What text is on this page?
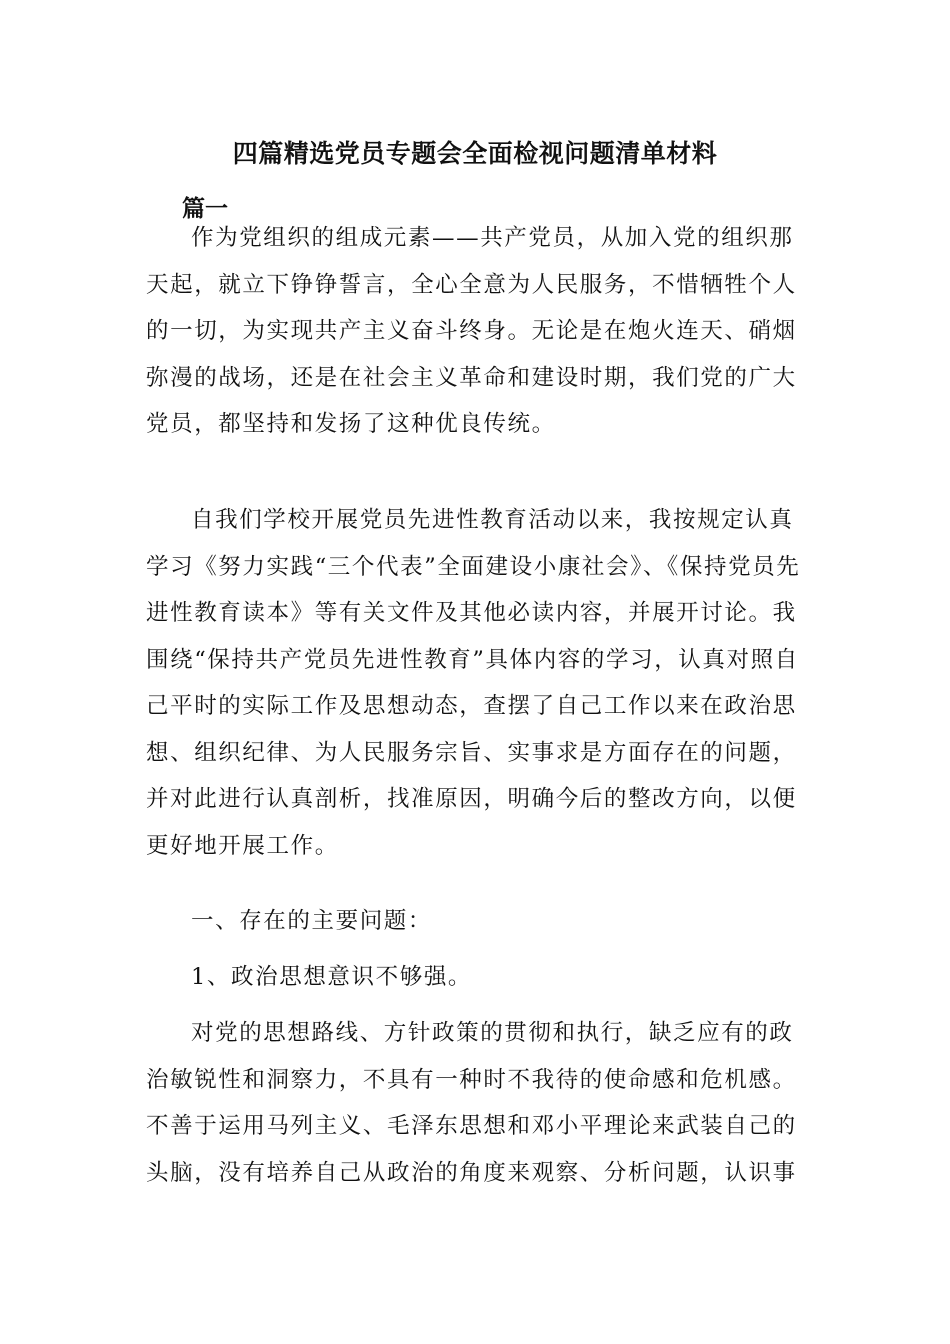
四篇精选党员专题会全面检视问题清单材料
篇一

作为党组织的组成元素——共产党员，从加入党的组织那天起，就立下铮铮誓言，全心全意为人民服务，不惜牺牲个人的一切，为实现共产主义奋斗终身。无论是在炮火连天、硝烟弥漫的战场，还是在社会主义革命和建设时期，我们党的广大党员，都坚持和发扬了这种优良传统。

自我们学校开展党员先进性教育活动以来，我按规定认真学习《努力实践“三个代表”全面建设小康社会》、《保持党员先进性教育读本》等有关文件及其他必读内容，并展开讨论。我围绕“保持共产党员先进性教育”具体内容的学习，认真对照自己平时的实际工作及思想动态，查摆了自己工作以来在政治思想、组织纪律、为人民服务宗旨、实事求是方面存在的问题，并对此进行认真剖析，找准原因，明确今后的整改方向，以便更好地开展工作。

一、存在的主要问题：

1、政治思想意识不够强。

对党的思想路线、方针政策的贯彻和执行，缺乏应有的政治敏锐性和洞察力，不具有一种时不我待的使命感和危机感。不善于运用马列主义、毛泽东思想和邓小平理论来武装自己的头脑，没有培养自己从政治的角度来观察、分析问题，认识事
